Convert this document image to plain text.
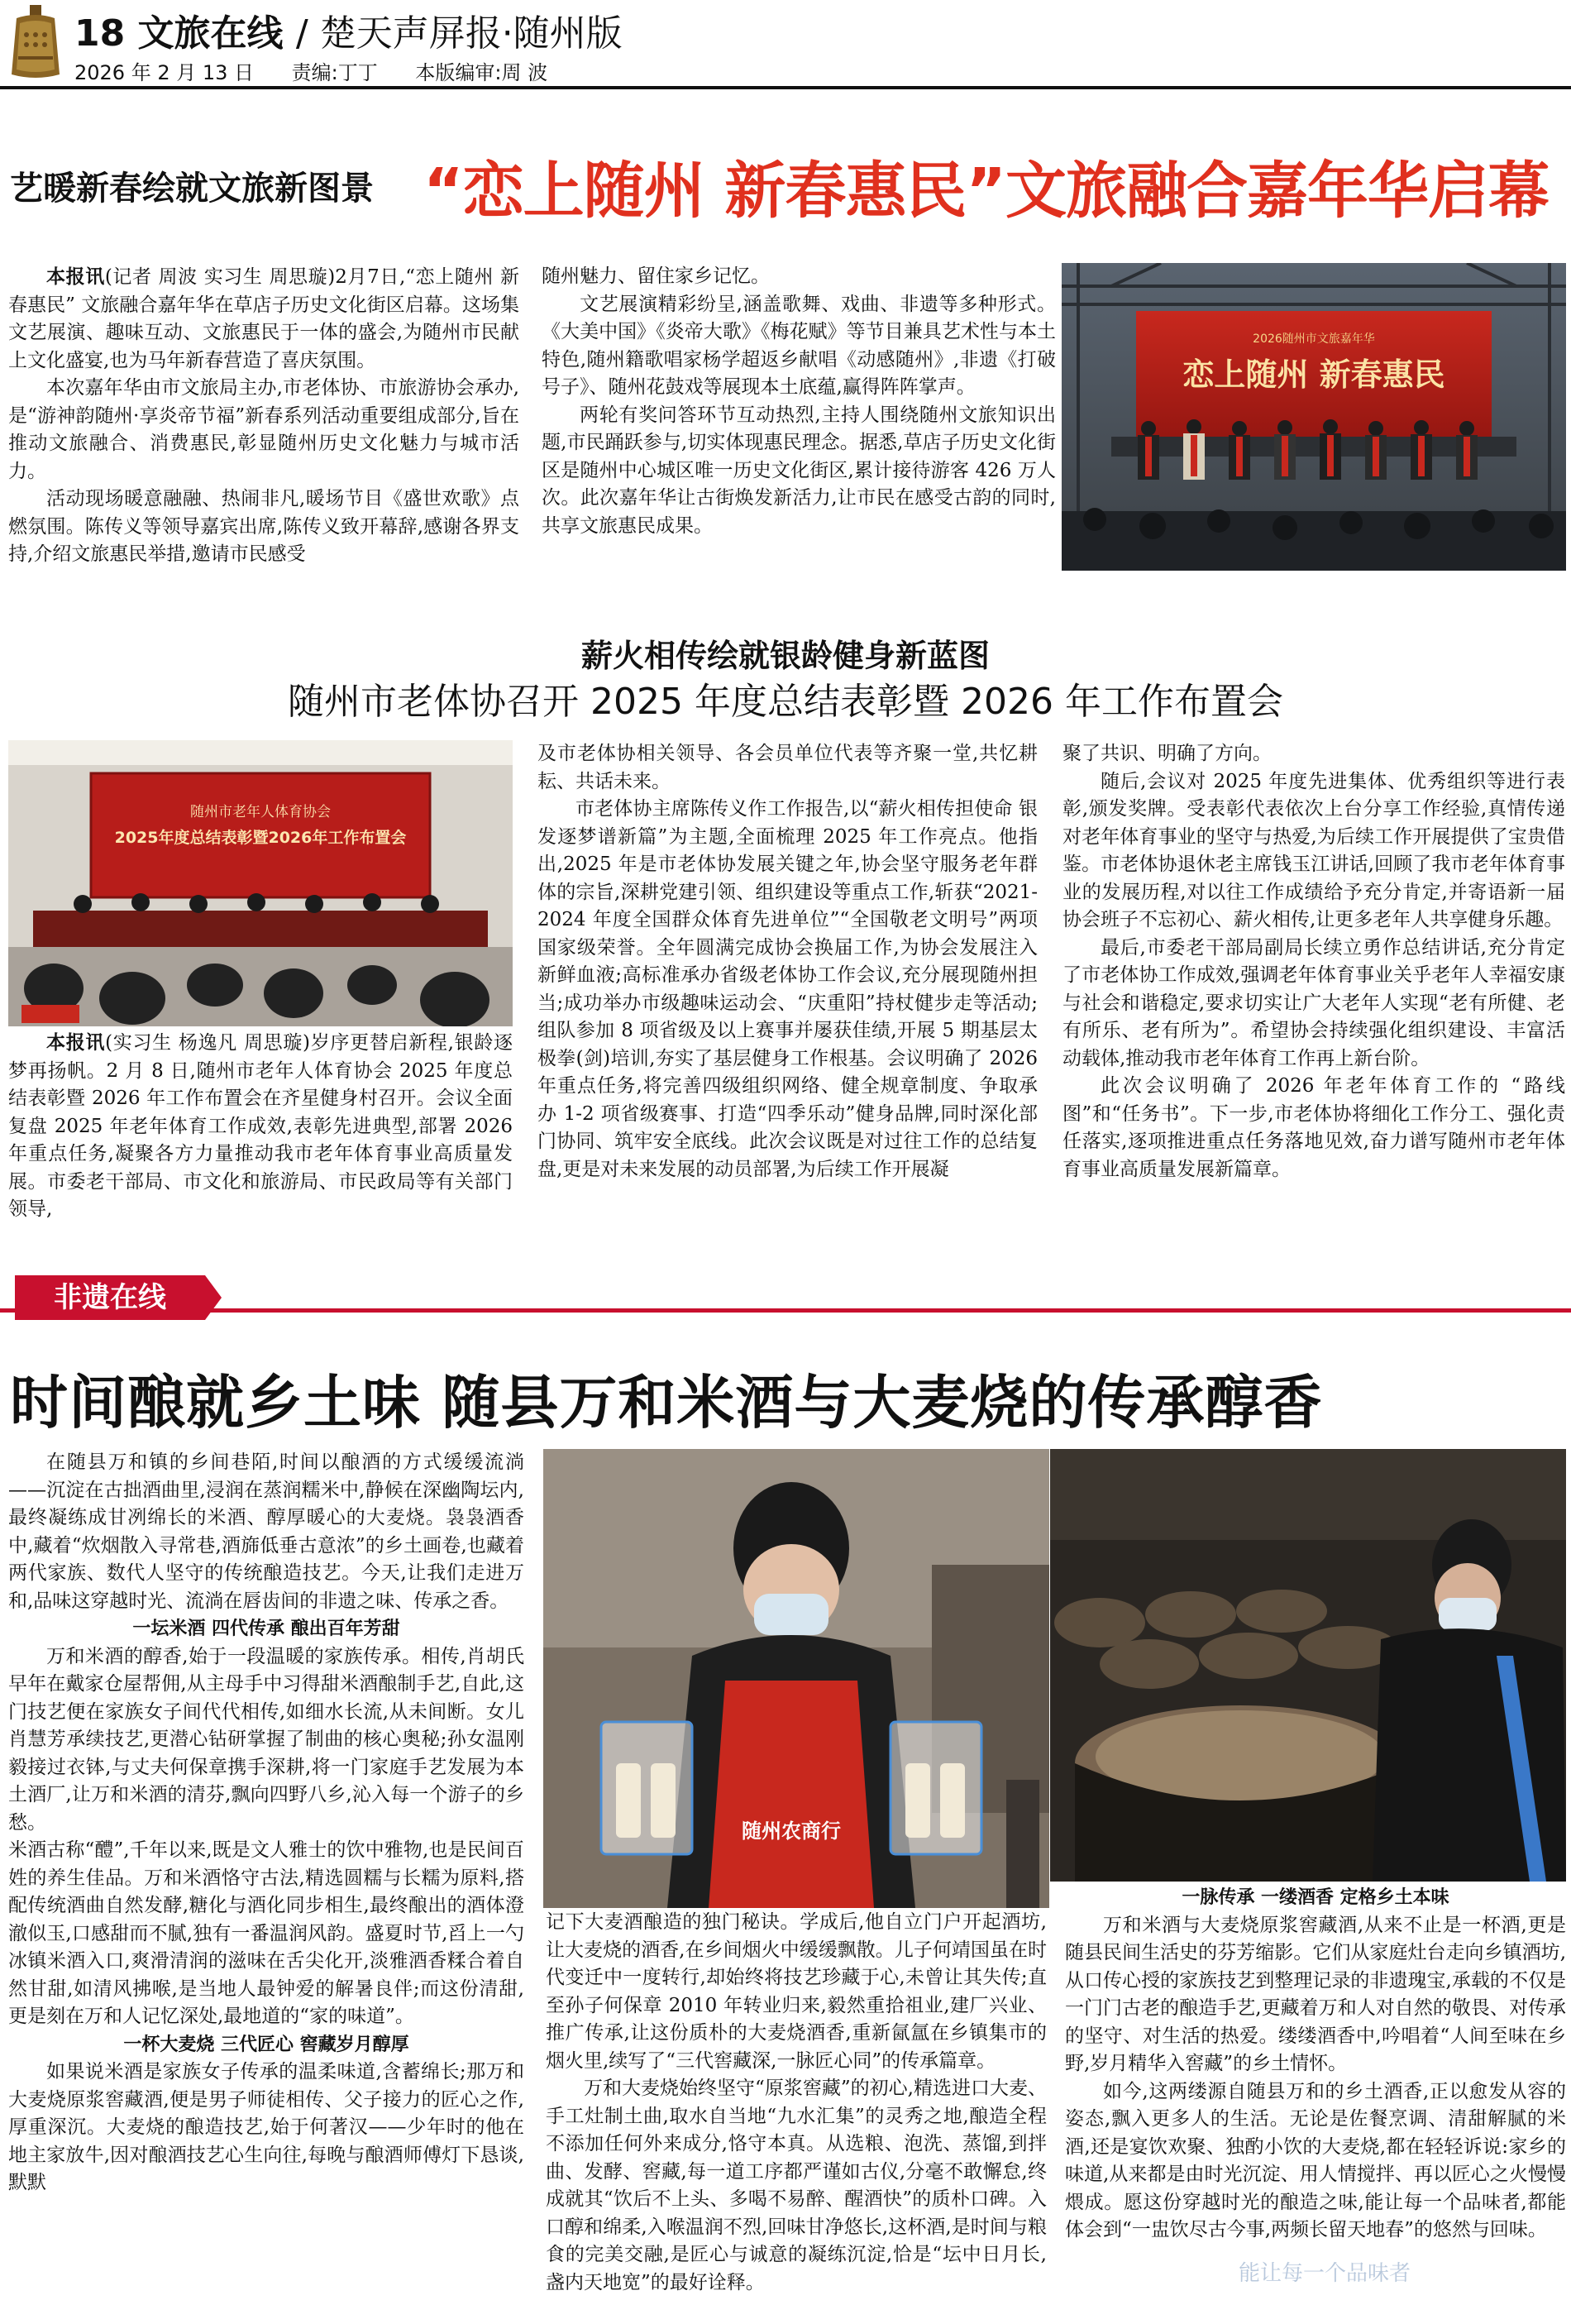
18 文旅在线 / 楚天声屏报·随州版
2026 年 2 月 13 日 责编:丁丁 本版编审:周 波
艺暖新春绘就文旅新图景 “恋上随州 新春惠民”文旅融合嘉年华启幕

本报讯(记者 周波 实习生 周思璇)2月7日,“恋上随州 新春惠民” 文旅融合嘉年华在草店子历史文化街区启幕。这场集文艺展演、趣味互动、文旅惠民于一体的盛会,为随州市民献上文化盛宴,也为马年新春营造了喜庆氛围。

本次嘉年华由市文旅局主办,市老体协、市旅游协会承办,是“游神韵随州·享炎帝节福”新春系列活动重要组成部分,旨在推动文旅融合、消费惠民,彰显随州历史文化魅力与城市活力。

活动现场暖意融融、热闹非凡,暖场节目《盛世欢歌》点燃氛围。陈传义等领导嘉宾出席,陈传义致开幕辞,感谢各界支持,介绍文旅惠民举措,邀请市民感受

随州魅力、留住家乡记忆。

文艺展演精彩纷呈,涵盖歌舞、戏曲、非遗等多种形式。《大美中国》《炎帝大歌》《梅花赋》等节目兼具艺术性与本土特色,随州籍歌唱家杨学超返乡献唱《动感随州》,非遗《打破号子》、随州花鼓戏等展现本土底蕴,赢得阵阵掌声。

两轮有奖问答环节互动热烈,主持人围绕随州文旅知识出题,市民踊跃参与,切实体现惠民理念。据悉,草店子历史文化街区是随州中心城区唯一历史文化街区,累计接待游客 426 万人次。此次嘉年华让古街焕发新活力,让市民在感受古韵的同时,共享文旅惠民成果。

2026随州市文旅嘉年华
恋上随州 新春惠民
薪火相传绘就银龄健身新蓝图
随州市老体协召开 2025 年度总结表彰暨 2026 年工作布置会
随州市老年人体育协会
2025年度总结表彰暨2026年工作布置会

本报讯(实习生 杨逸凡 周思璇)岁序更替启新程,银龄逐梦再扬帆。2 月 8 日,随州市老年人体育协会 2025 年度总结表彰暨 2026 年工作布置会在齐星健身村召开。会议全面复盘 2025 年老年体育工作成效,表彰先进典型,部署 2026 年重点任务,凝聚各方力量推动我市老年体育事业高质量发展。市委老干部局、市文化和旅游局、市民政局等有关部门领导,

及市老体协相关领导、各会员单位代表等齐聚一堂,共忆耕耘、共话未来。

市老体协主席陈传义作工作报告,以“薪火相传担使命 银发逐梦谱新篇”为主题,全面梳理 2025 年工作亮点。他指出,2025 年是市老体协发展关键之年,协会坚守服务老年群体的宗旨,深耕党建引领、组织建设等重点工作,斩获“2021-2024 年度全国群众体育先进单位”“全国敬老文明号”两项国家级荣誉。全年圆满完成协会换届工作,为协会发展注入新鲜血液;高标准承办省级老体协工作会议,充分展现随州担当;成功举办市级趣味运动会、“庆重阳”持杖健步走等活动;组队参加 8 项省级及以上赛事并屡获佳绩,开展 5 期基层太极拳(剑)培训,夯实了基层健身工作根基。会议明确了 2026 年重点任务,将完善四级组织网络、健全规章制度、争取承办 1-2 项省级赛事、打造“四季乐动”健身品牌,同时深化部门协同、筑牢安全底线。此次会议既是对过往工作的总结复盘,更是对未来发展的动员部署,为后续工作开展凝

聚了共识、明确了方向。

随后,会议对 2025 年度先进集体、优秀组织等进行表彰,颁发奖牌。受表彰代表依次上台分享工作经验,真情传递对老年体育事业的坚守与热爱,为后续工作开展提供了宝贵借鉴。市老体协退休老主席钱玉江讲话,回顾了我市老年体育事业的发展历程,对以往工作成绩给予充分肯定,并寄语新一届协会班子不忘初心、薪火相传,让更多老年人共享健身乐趣。

最后,市委老干部局副局长续立勇作总结讲话,充分肯定了市老体协工作成效,强调老年体育事业关乎老年人幸福安康与社会和谐稳定,要求切实让广大老年人实现“老有所健、老有所乐、老有所为”。希望协会持续强化组织建设、丰富活动载体,推动我市老年体育工作再上新台阶。

此次会议明确了 2026 年老年体育工作的 “路线图”和“任务书”。下一步,市老体协将细化工作分工、强化责任落实,逐项推进重点任务落地见效,奋力谱写随州市老年体育事业高质量发展新篇章。

非遗在线
时间酿就乡土味 随县万和米酒与大麦烧的传承醇香

在随县万和镇的乡间巷陌,时间以酿酒的方式缓缓流淌——沉淀在古拙酒曲里,浸润在蒸润糯米中,静候在深幽陶坛内,最终凝练成甘冽绵长的米酒、醇厚暖心的大麦烧。袅袅酒香中,藏着“炊烟散入寻常巷,酒旆低垂古意浓”的乡土画卷,也藏着两代家族、数代人坚守的传统酿造技艺。今天,让我们走进万和,品味这穿越时光、流淌在唇齿间的非遗之味、传承之香。

一坛米酒 四代传承 酿出百年芳甜

万和米酒的醇香,始于一段温暖的家族传承。相传,肖胡氏早年在戴家仓屋帮佣,从主母手中习得甜米酒酿制手艺,自此,这门技艺便在家族女子间代代相传,如细水长流,从未间断。女儿肖慧芳承续技艺,更潜心钻研掌握了制曲的核心奥秘;孙女温刚毅接过衣钵,与丈夫何保章携手深耕,将一门家庭手艺发展为本土酒厂,让万和米酒的清芬,飘向四野八乡,沁入每一个游子的乡愁。

米酒古称“醴”,千年以来,既是文人雅士的饮中雅物,也是民间百姓的养生佳品。万和米酒恪守古法,精选圆糯与长糯为原料,搭配传统酒曲自然发酵,糖化与酒化同步相生,最终酿出的酒体澄澈似玉,口感甜而不腻,独有一番温润风韵。盛夏时节,舀上一勺冰镇米酒入口,爽滑清润的滋味在舌尖化开,淡雅酒香糅合着自然甘甜,如清风拂喉,是当地人最钟爱的解暑良伴;而这份清甜,更是刻在万和人记忆深处,最地道的“家的味道”。

一杯大麦烧 三代匠心 窖藏岁月醇厚

如果说米酒是家族女子传承的温柔味道,含蓄绵长;那万和大麦烧原浆窖藏酒,便是男子师徒相传、父子接力的匠心之作,厚重深沉。大麦烧的酿造技艺,始于何著汉——少年时的他在地主家放牛,因对酿酒技艺心生向往,每晚与酿酒师傅灯下恳谈,默默

随州农商行

记下大麦酒酿造的独门秘诀。学成后,他自立门户开起酒坊,让大麦烧的酒香,在乡间烟火中缓缓飘散。儿子何靖国虽在时代变迁中一度转行,却始终将技艺珍藏于心,未曾让其失传;直至孙子何保章 2010 年转业归来,毅然重拾祖业,建厂兴业、推广传承,让这份质朴的大麦烧酒香,重新氤氲在乡镇集市的烟火里,续写了“三代窖藏深,一脉匠心同”的传承篇章。

万和大麦烧始终坚守“原浆窖藏”的初心,精选进口大麦、手工灶制土曲,取水自当地“九水汇集”的灵秀之地,酿造全程不添加任何外来成分,恪守本真。从选粮、泡洗、蒸馏,到拌曲、发酵、窖藏,每一道工序都严谨如古仪,分毫不敢懈怠,终成就其“饮后不上头、多喝不易醉、醒酒快”的质朴口碑。入口醇和绵柔,入喉温润不烈,回味甘净悠长,这杯酒,是时间与粮食的完美交融,是匠心与诚意的凝练沉淀,恰是“坛中日月长,盏内天地宽”的最好诠释。

一脉传承 一缕酒香 定格乡土本味

万和米酒与大麦烧原浆窖藏酒,从来不止是一杯酒,更是随县民间生活史的芬芳缩影。它们从家庭灶台走向乡镇酒坊,从口传心授的家族技艺到整理记录的非遗瑰宝,承载的不仅是一门门古老的酿造手艺,更藏着万和人对自然的敬畏、对传承的坚守、对生活的热爱。缕缕酒香中,吟唱着“人间至味在乡野,岁月精华入窖藏”的乡土情怀。

如今,这两缕源自随县万和的乡土酒香,正以愈发从容的姿态,飘入更多人的生活。无论是佐餐烹调、清甜解腻的米酒,还是宴饮欢聚、独酌小饮的大麦烧,都在轻轻诉说:家乡的味道,从来都是由时光沉淀、用人情搅拌、再以匠心之火慢慢煨成。愿这份穿越时光的酿造之味,能让每一个品味者,都能体会到“一盅饮尽古今事,两频长留天地春”的悠然与回味。

能让每一个品味者
